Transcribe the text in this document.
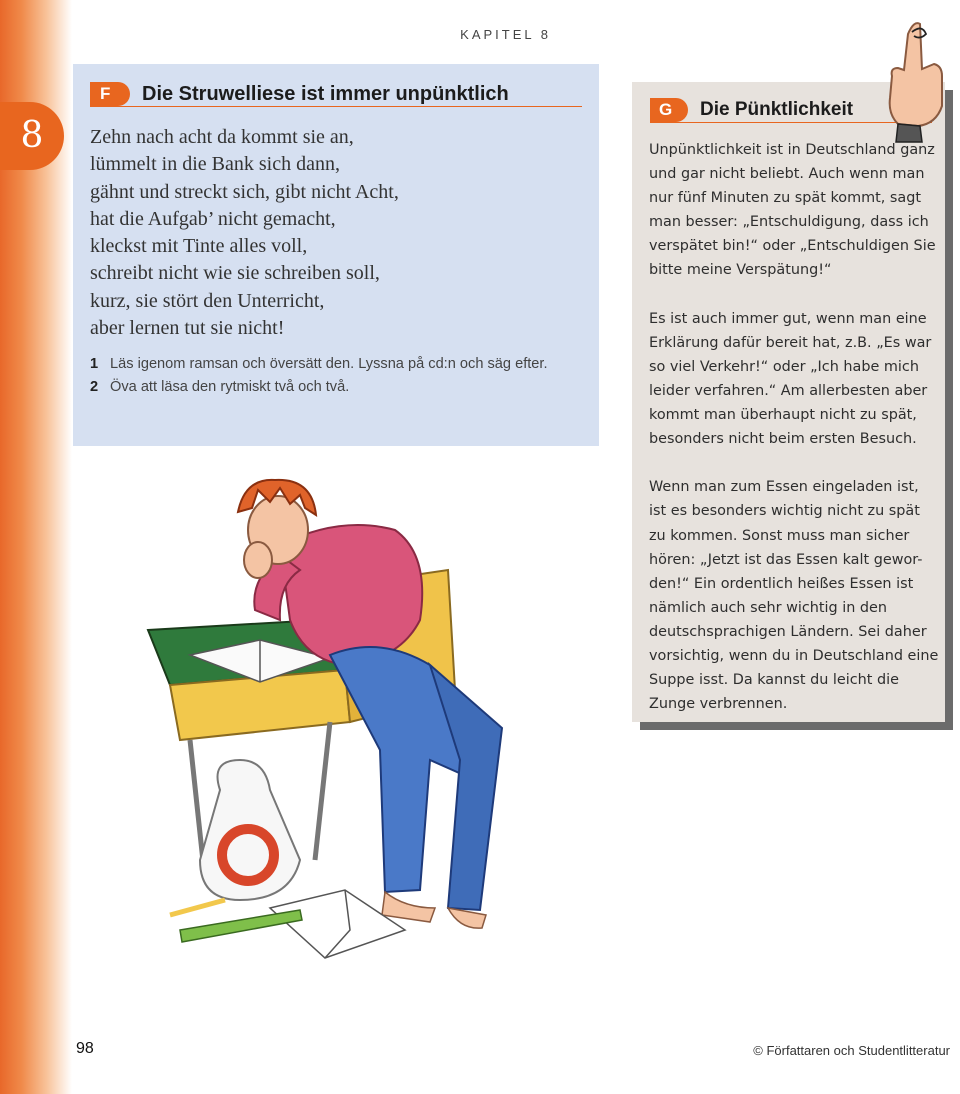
8
KAPITEL 8
F	Die Struwelliese ist immer unpünktlich
Zehn nach acht da kommt sie an,
lümmelt in die Bank sich dann,
gähnt und streckt sich, gibt nicht Acht,
hat die Aufgab’ nicht gemacht,
kleckst mit Tinte alles voll,
schreibt nicht wie sie schreiben soll,
kurz, sie stört den Unterricht,
aber lernen tut sie nicht!
1 Läs igenom ramsan och översätt den. Lyssna på cd:n och säg efter.
2 Öva att läsa den rytmiskt två och två.
G	Die Pünktlichkeit

Unpünktlichkeit ist in Deutschland ganz
und gar nicht beliebt. Auch wenn man
nur fünf Minuten zu spät kommt, sagt
man besser: „Entschuldigung, dass ich
verspätet bin!“ oder „Entschuldigen Sie
bitte meine Verspätung!“

Es ist auch immer gut, wenn man eine
Erklärung dafür bereit hat, z.B. „Es war
so viel Verkehr!“ oder „Ich habe mich
leider verfahren.“ Am allerbesten aber
kommt man überhaupt nicht zu spät,
besonders nicht beim ersten Besuch.

Wenn man zum Essen eingeladen ist,
ist es besonders wichtig nicht zu spät
zu kommen. Sonst muss man sicher
hören: „Jetzt ist das Essen kalt gewor-
den!“ Ein ordentlich heißes Essen ist
nämlich auch sehr wichtig in den
deutschsprachigen Ländern. Sei daher
vorsichtig, wenn du in Deutschland eine
Suppe isst. Da kannst du leicht die
Zunge verbrennen.

98	© Författaren och Studentlitteratur
